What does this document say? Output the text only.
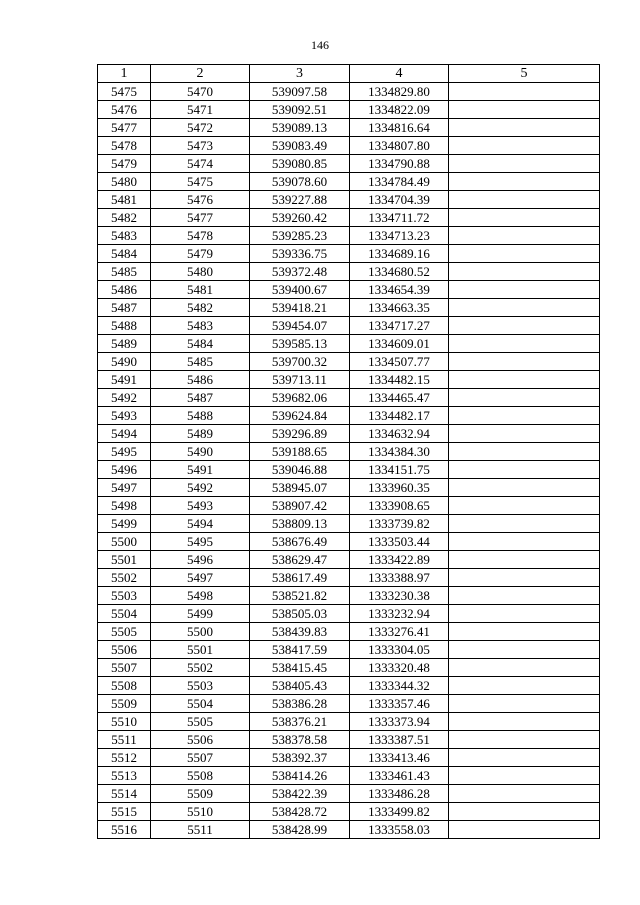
146
1	2	3	4	5
5475	5470	539097.58	1334829.80	
5476	5471	539092.51	1334822.09	
5477	5472	539089.13	1334816.64	
5478	5473	539083.49	1334807.80	
5479	5474	539080.85	1334790.88	
5480	5475	539078.60	1334784.49	
5481	5476	539227.88	1334704.39	
5482	5477	539260.42	1334711.72	
5483	5478	539285.23	1334713.23	
5484	5479	539336.75	1334689.16	
5485	5480	539372.48	1334680.52	
5486	5481	539400.67	1334654.39	
5487	5482	539418.21	1334663.35	
5488	5483	539454.07	1334717.27	
5489	5484	539585.13	1334609.01	
5490	5485	539700.32	1334507.77	
5491	5486	539713.11	1334482.15	
5492	5487	539682.06	1334465.47	
5493	5488	539624.84	1334482.17	
5494	5489	539296.89	1334632.94	
5495	5490	539188.65	1334384.30	
5496	5491	539046.88	1334151.75	
5497	5492	538945.07	1333960.35	
5498	5493	538907.42	1333908.65	
5499	5494	538809.13	1333739.82	
5500	5495	538676.49	1333503.44	
5501	5496	538629.47	1333422.89	
5502	5497	538617.49	1333388.97	
5503	5498	538521.82	1333230.38	
5504	5499	538505.03	1333232.94	
5505	5500	538439.83	1333276.41	
5506	5501	538417.59	1333304.05	
5507	5502	538415.45	1333320.48	
5508	5503	538405.43	1333344.32	
5509	5504	538386.28	1333357.46	
5510	5505	538376.21	1333373.94	
5511	5506	538378.58	1333387.51	
5512	5507	538392.37	1333413.46	
5513	5508	538414.26	1333461.43	
5514	5509	538422.39	1333486.28	
5515	5510	538428.72	1333499.82	
5516	5511	538428.99	1333558.03	
